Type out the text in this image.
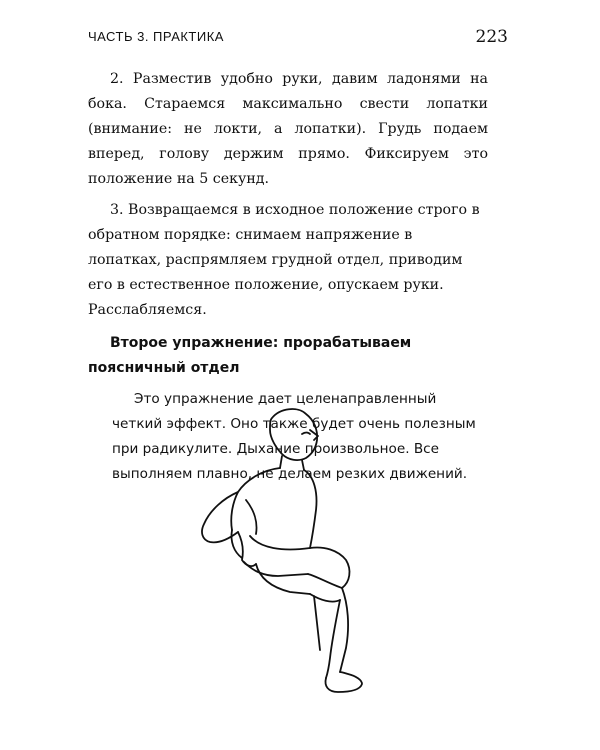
ЧАСТЬ 3. ПРАКТИКА	223

2. Разместив удобно руки, давим ладонями на бока. Стараемся максимально свести лопатки (внимание: не локти, а лопатки). Грудь подаем вперед, голову держим прямо. Фиксируем это положение на 5 секунд.

3. Возвращаемся в исходное положение строго в обратном порядке: снимаем напряжение в лопатках, распрямляем грудной отдел, приводим его в естественное положение, опускаем руки. Расслабляемся.

Второе упражнение: прорабатываем поясничный отдел

Это упражнение дает целенаправленный четкий эффект. Оно также будет очень полезным при радикулите. Дыхание произвольное. Все выполняем плавно, не делаем резких движений.
